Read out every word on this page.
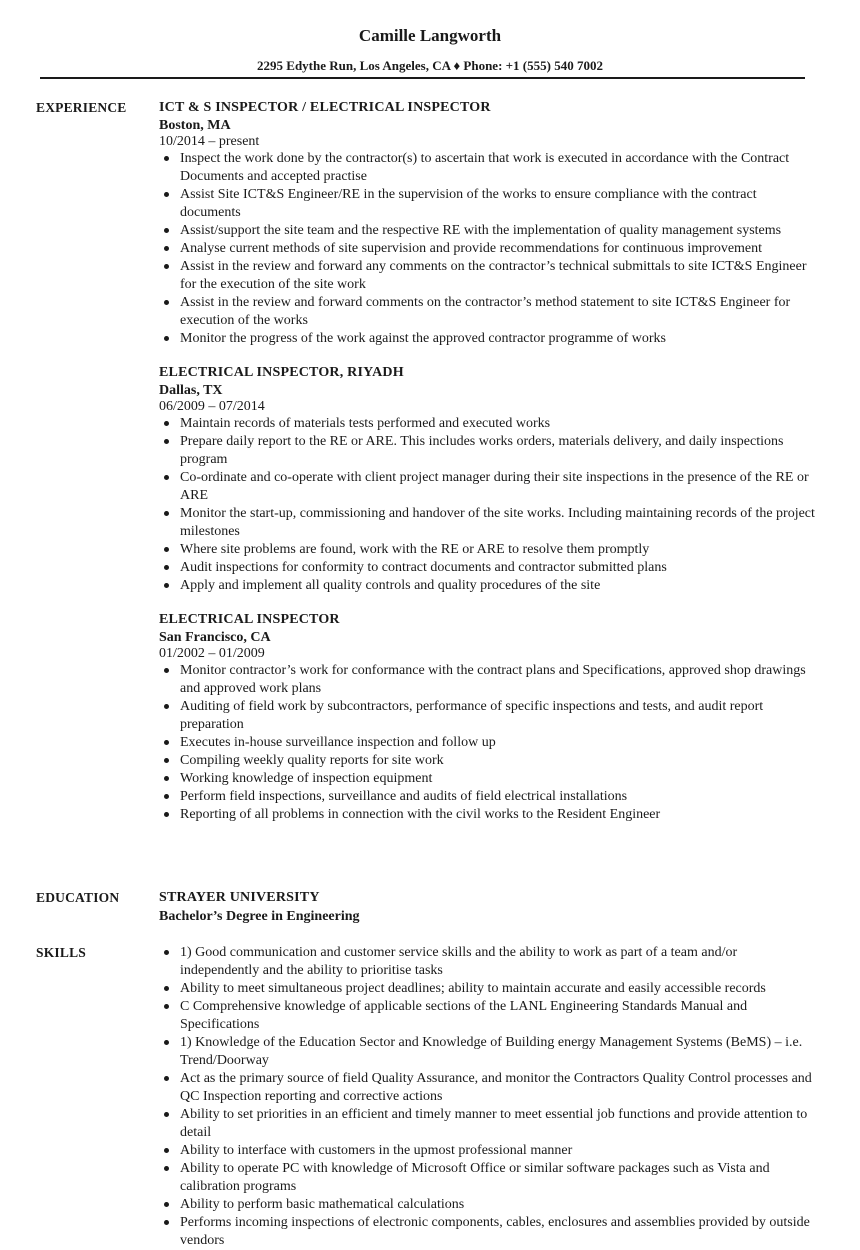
Camille Langworth
2295 Edythe Run, Los Angeles, CA ♦ Phone: +1 (555) 540 7002
EXPERIENCE ICT & S INSPECTOR / ELECTRICAL INSPECTOR
Boston, MA
10/2014 – present
Inspect the work done by the contractor(s) to ascertain that work is executed in accordance with the Contract Documents and accepted practise
Assist Site ICT&S Engineer/RE in the supervision of the works to ensure compliance with the contract documents
Assist/support the site team and the respective RE with the implementation of quality management systems
Analyse current methods of site supervision and provide recommendations for continuous improvement
Assist in the review and forward any comments on the contractor’s technical submittals to site ICT&S Engineer for the execution of the site work
Assist in the review and forward comments on the contractor’s method statement to site ICT&S Engineer for execution of the works
Monitor the progress of the work against the approved contractor programme of works
ELECTRICAL INSPECTOR, RIYADH
Dallas, TX
06/2009 – 07/2014
Maintain records of materials tests performed and executed works
Prepare daily report to the RE or ARE. This includes works orders, materials delivery, and daily inspections program
Co-ordinate and co-operate with client project manager during their site inspections in the presence of the RE or ARE
Monitor the start-up, commissioning and handover of the site works. Including maintaining records of the project milestones
Where site problems are found, work with the RE or ARE to resolve them promptly
Audit inspections for conformity to contract documents and contractor submitted plans
Apply and implement all quality controls and quality procedures of the site
ELECTRICAL INSPECTOR
San Francisco, CA
01/2002 – 01/2009
Monitor contractor’s work for conformance with the contract plans and Specifications, approved shop drawings and approved work plans
Auditing of field work by subcontractors, performance of specific inspections and tests, and audit report preparation
Executes in-house surveillance inspection and follow up
Compiling weekly quality reports for site work
Working knowledge of inspection equipment
Perform field inspections, surveillance and audits of field electrical installations
Reporting of all problems in connection with the civil works to the Resident Engineer
EDUCATION	STRAYER UNIVERSITY
Bachelor’s Degree in Engineering
SKILLS	1) Good communication and customer service skills and the ability to work as part of a team and/or independently and the ability to prioritise tasks
Ability to meet simultaneous project deadlines; ability to maintain accurate and easily accessible records
C Comprehensive knowledge of applicable sections of the LANL Engineering Standards Manual and Specifications
1) Knowledge of the Education Sector and Knowledge of Building energy Management Systems (BeMS) – i.e. Trend/Doorway
Act as the primary source of field Quality Assurance, and monitor the Contractors Quality Control processes and QC Inspection reporting and corrective actions
Ability to set priorities in an efficient and timely manner to meet essential job functions and provide attention to detail
Ability to interface with customers in the upmost professional manner
Ability to operate PC with knowledge of Microsoft Office or similar software packages such as Vista and calibration programs
Ability to perform basic mathematical calculations
Performs incoming inspections of electronic components, cables, enclosures and assemblies provided by outside vendors
